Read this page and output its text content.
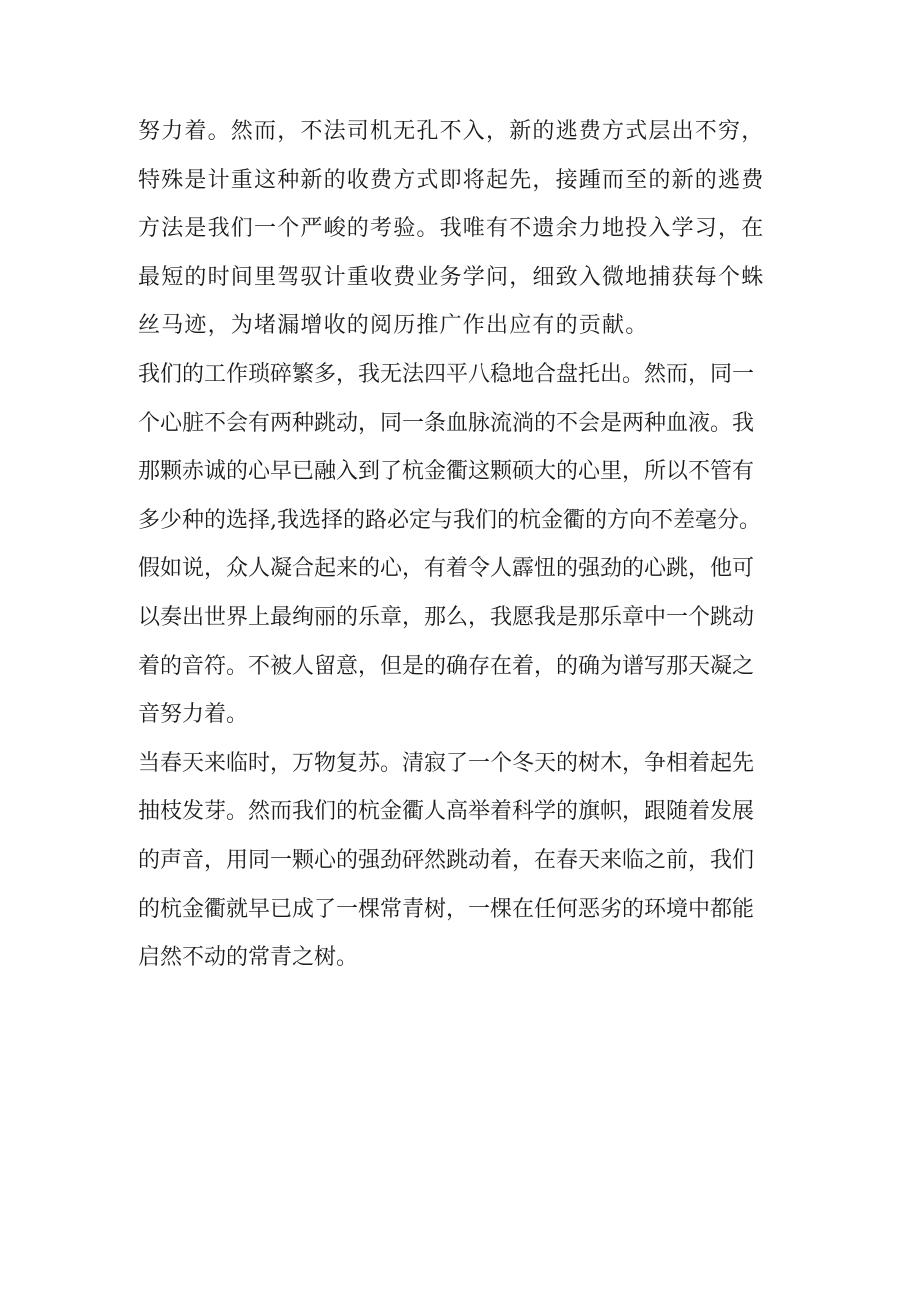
努力着。然而，不法司机无孔不入，新的逃费方式层出不穷，
特殊是计重这种新的收费方式即将起先，接踵而至的新的逃费
方法是我们一个严峻的考验。我唯有不遗余力地投入学习，在
最短的时间里驾驭计重收费业务学问，细致入微地捕获每个蛛
丝马迹，为堵漏增收的阅历推广作出应有的贡献。
我们的工作琐碎繁多，我无法四平八稳地合盘托出。然而，同一
个心脏不会有两种跳动，同一条血脉流淌的不会是两种血液。我
那颗赤诚的心早已融入到了杭金衢这颗硕大的心里，所以不管有
多少种的选择,我选择的路必定与我们的杭金衢的方向不差毫分。
假如说，众人凝合起来的心，有着令人霹忸的强劲的心跳，他可
以奏出世界上最绚丽的乐章，那么，我愿我是那乐章中一个跳动
着的音符。不被人留意，但是的确存在着，的确为谱写那天凝之
音努力着。
当春天来临时，万物复苏。清寂了一个冬天的树木，争相着起先
抽枝发芽。然而我们的杭金衢人高举着科学的旗帜，跟随着发展
的声音，用同一颗心的强劲砰然跳动着，在春天来临之前，我们
的杭金衢就早已成了一棵常青树，一棵在任何恶劣的环境中都能
启然不动的常青之树。
